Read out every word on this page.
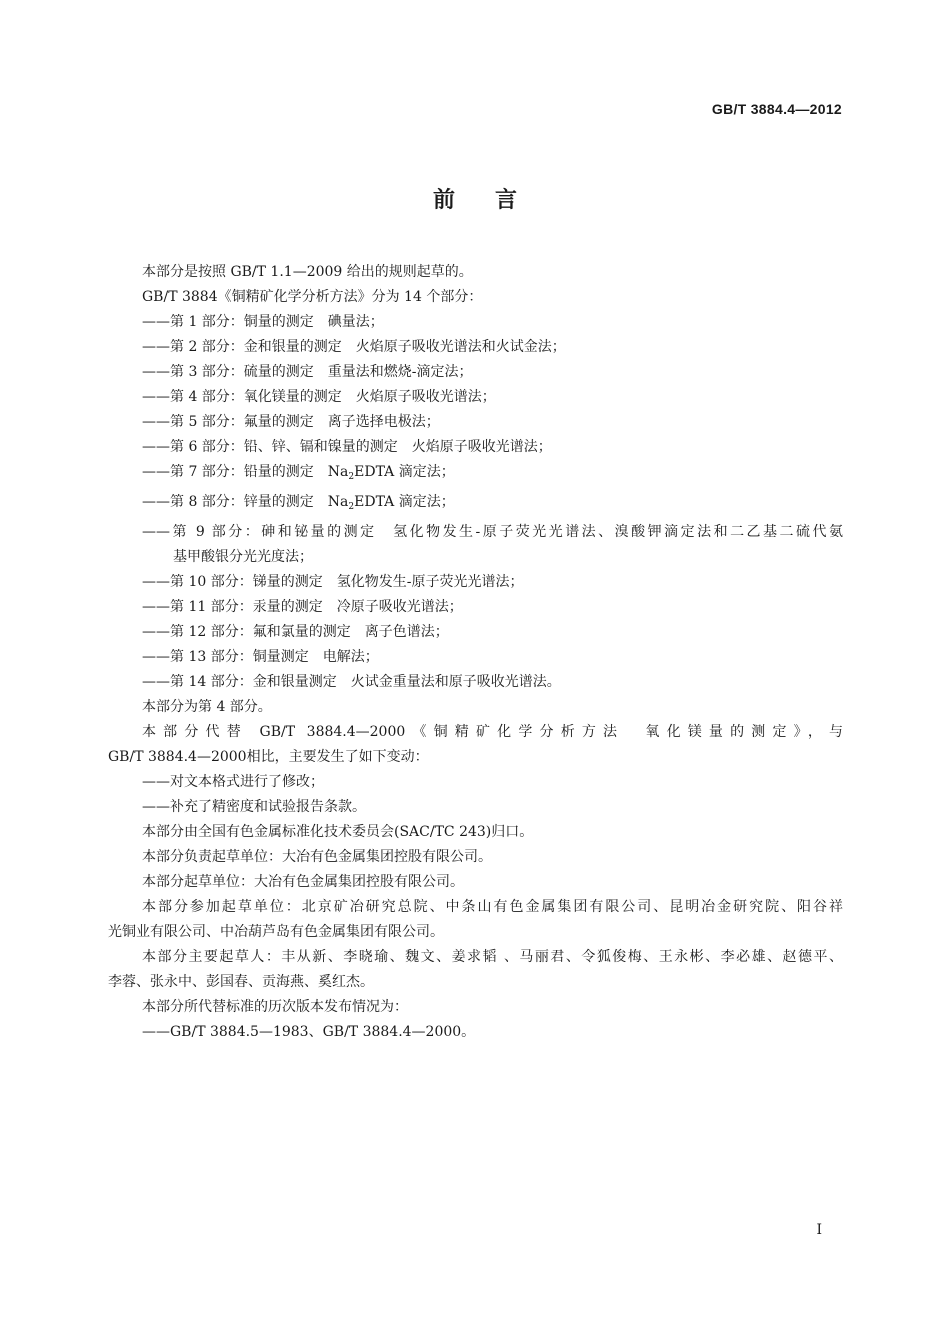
GB/T 3884.4—2012
前言

本部分是按照 GB/T 1.1—2009 给出的规则起草的。

GB/T 3884《铜精矿化学分析方法》分为 14 个部分：

——第 1 部分：铜量的测定　碘量法；

——第 2 部分：金和银量的测定　火焰原子吸收光谱法和火试金法；

——第 3 部分：硫量的测定　重量法和燃烧-滴定法；

——第 4 部分：氧化镁量的测定　火焰原子吸收光谱法；

——第 5 部分：氟量的测定　离子选择电极法；

——第 6 部分：铅、锌、镉和镍量的测定　火焰原子吸收光谱法；

——第 7 部分：铅量的测定　$Na_2EDTA$ 滴定法；

——第 8 部分：锌量的测定　$Na_2EDTA$ 滴定法；

——第 9 部分：砷和铋量的测定　氢化物发生-原子荧光光谱法、溴酸钾滴定法和二乙基二硫代氨

基甲酸银分光光度法；

——第 10 部分：锑量的测定　氢化物发生-原子荧光光谱法；

——第 11 部分：汞量的测定　冷原子吸收光谱法；

——第 12 部分：氟和氯量的测定　离子色谱法；

——第 13 部分：铜量测定　电解法；

——第 14 部分：金和银量测定　火试金重量法和原子吸收光谱法。

本部分为第 4 部分。

本部分代替 GB/T 3884.4—2000《铜精矿化学分析方法　氧化镁量的测定》，与

GB/T 3884.4—2000相比，主要发生了如下变动：

——对文本格式进行了修改；

——补充了精密度和试验报告条款。

本部分由全国有色金属标准化技术委员会(SAC/TC 243)归口。

本部分负责起草单位：大冶有色金属集团控股有限公司。

本部分起草单位：大冶有色金属集团控股有限公司。

本部分参加起草单位：北京矿冶研究总院、中条山有色金属集团有限公司、昆明冶金研究院、阳谷祥

光铜业有限公司、中冶葫芦岛有色金属集团有限公司。

本部分主要起草人：丰从新、李晓瑜、魏文、姜求韬 、马丽君、令狐俊梅、王永彬、李必雄、赵德平、

李蓉、张永中、彭国春、贡海燕、奚红杰。

本部分所代替标准的历次版本发布情况为：

——GB/T 3884.5—1983、GB/T 3884.4—2000。

I
